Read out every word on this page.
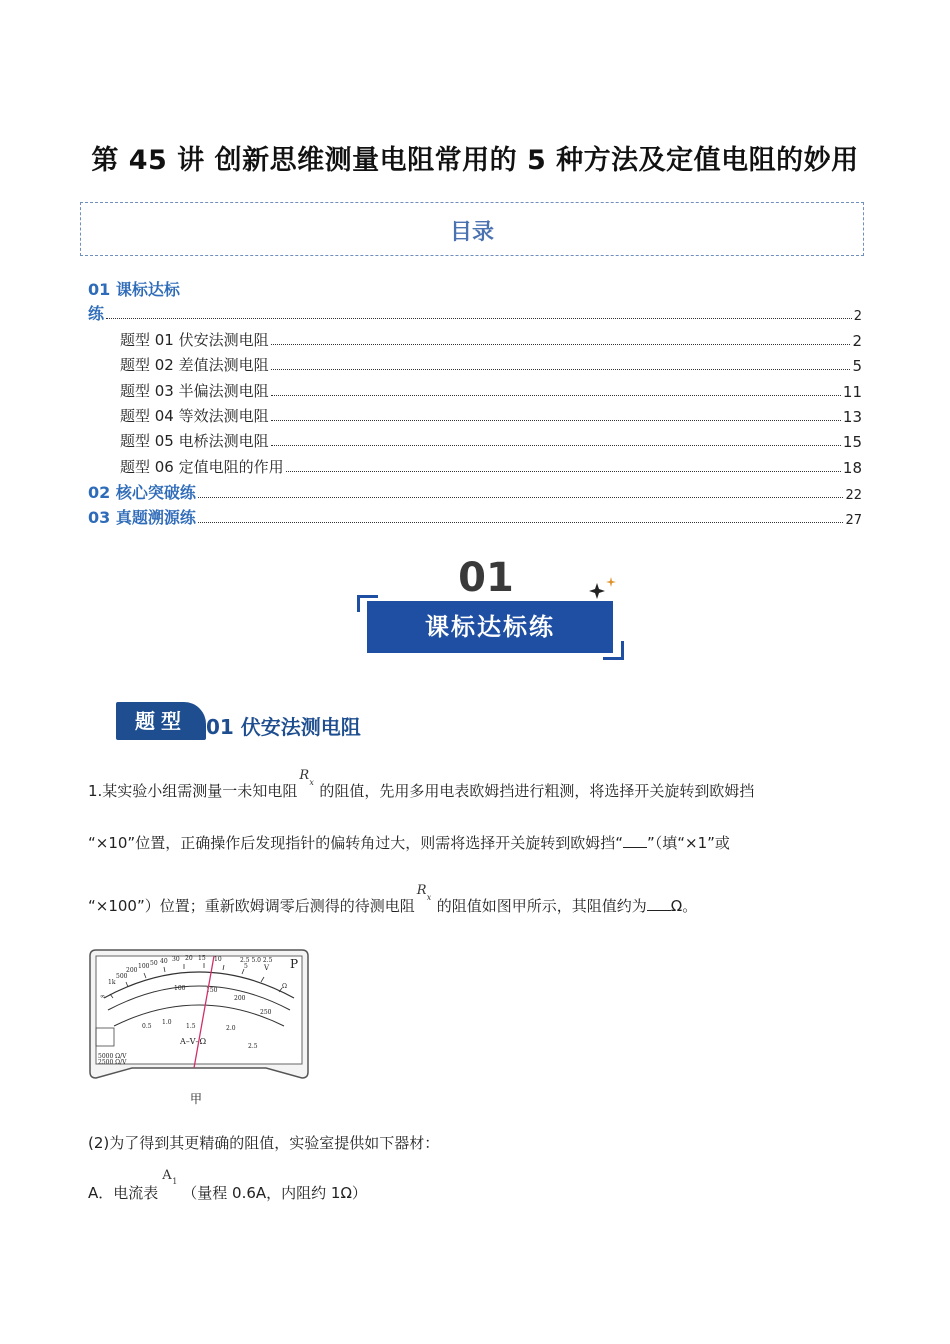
第 45 讲 创新思维测量电阻常用的 5 种方法及定值电阻的妙用
目录
01 课标达标
练	2
题型 01 伏安法测电阻	2
题型 02 差值法测电阻	5
题型 03 半偏法测电阻	11
题型 04 等效法测电阻	13
题型 05 电桥法测电阻	15
题型 06 定值电阻的作用	18
02 核心突破练	22
03 真题溯源练	27
01
课标达标练
题型 01 伏安法测电阻
1.某实验小组需测量一未知电阻
R x 的阻值，先用多用电表欧姆挡进行粗测，将选择开关旋转到欧姆挡
“×10”位置，正确操作后发现指针的偏转角过大，则需将选择开关旋转到欧姆挡“ ”（填“×1”或
“×100”）位置；重新欧姆调零后测得的待测电阻
R x 的阻值如图甲所示，其阻值约为 Ω。
∞
1k
500
200
100 50 40 30 20 15 10
5
100	150
200
250
1.5
0.5
1.0
2.0
2.5
2.5 5.0 2.5
Ω
5000 Ω/V
2500 Ω/V
P
V
A–V–Ω
甲
(2)为了得到其更精确的阻值，实验室提供如下器材：
A．电流表
A 1
（量程 0.6A，内阻约 1Ω）
